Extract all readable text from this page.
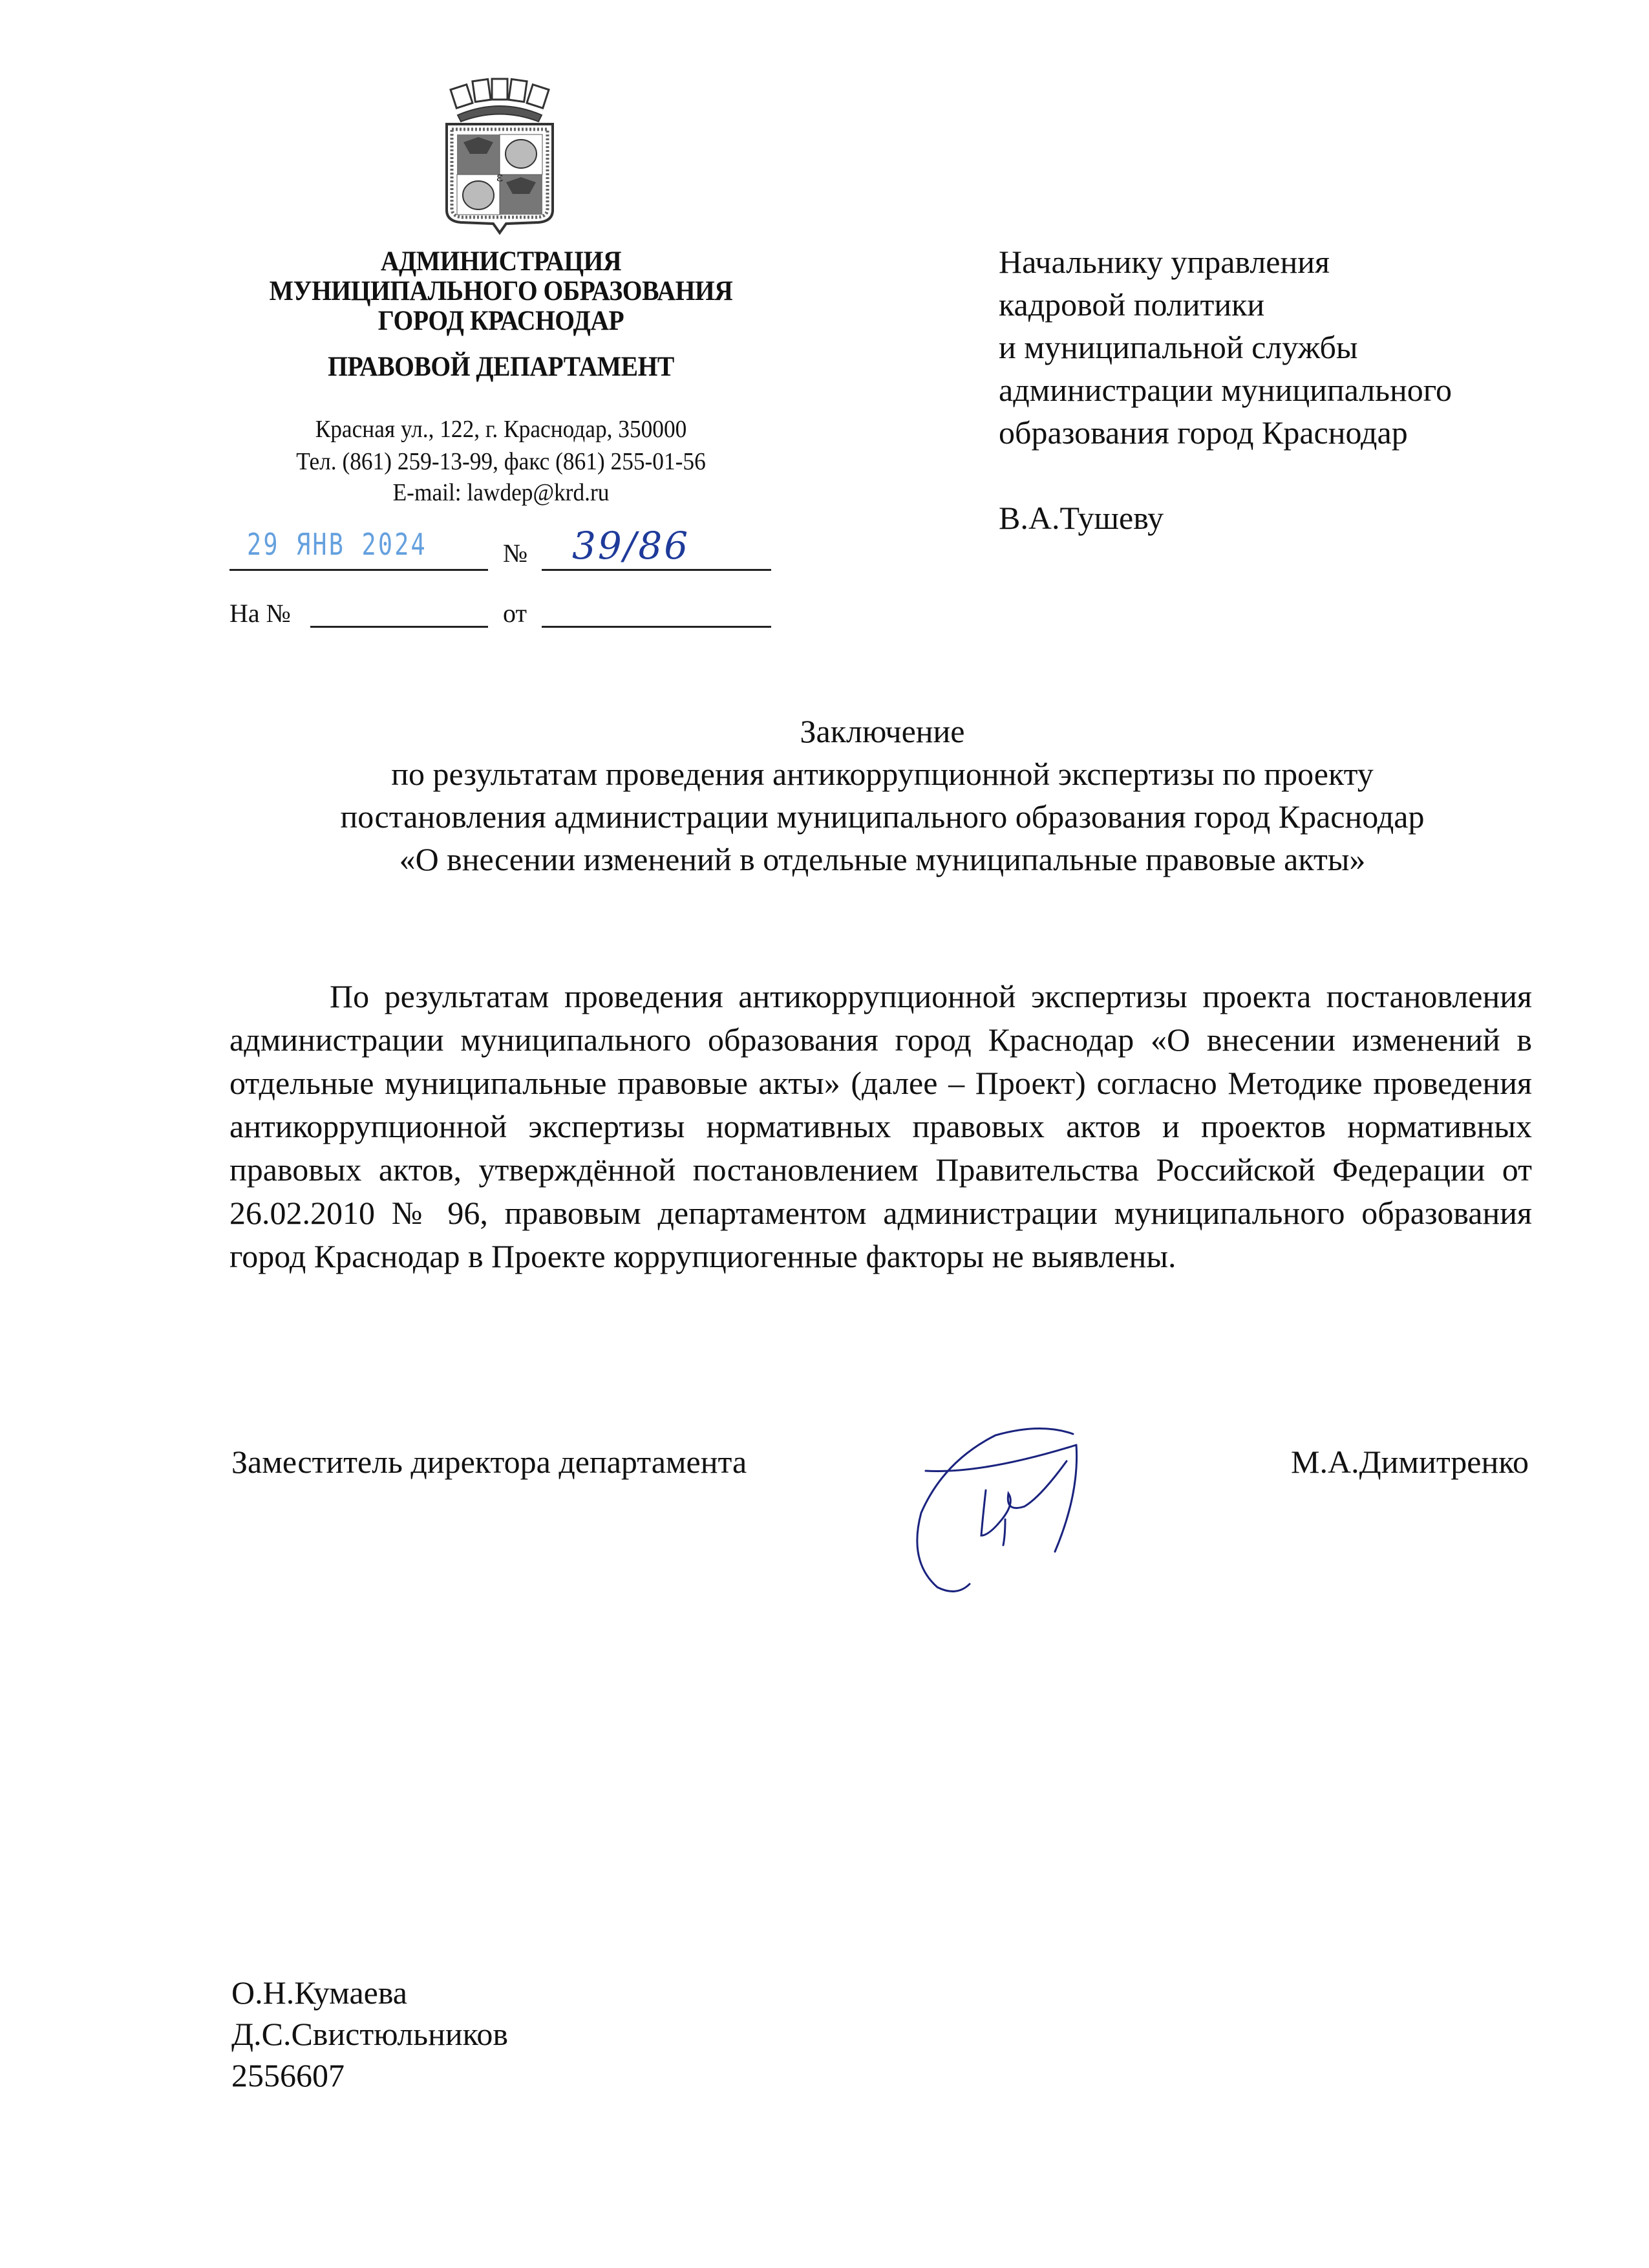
ε
АДМИНИСТРАЦИЯ
МУНИЦИПАЛЬНОГО ОБРАЗОВАНИЯ
ГОРОД КРАСНОДАР
ПРАВОВОЙ ДЕПАРТАМЕНТ
Красная ул., 122, г. Краснодар, 350000
Тел. (861) 259-13-99, факс (861) 255-01-56
E-mail: lawdep@krd.ru
29 ЯНВ 2024	№ 39/86
На №	от
Начальнику управления
кадровой политики
и муниципальной службы
администрации муниципального
образования город Краснодар
В.А.Тушеву
Заключение
по результатам проведения антикоррупционной экспертизы по проекту
постановления администрации муниципального образования город Краснодар
«О внесении изменений в отдельные муниципальные правовые акты»
По результатам проведения антикоррупционной экспертизы проекта постановления администрации муниципального образования город Краснодар «О внесении изменений в отдельные муниципальные правовые акты» (далее – Проект) согласно Методике проведения антикоррупционной экспертизы нормативных правовых актов и проектов нормативных правовых актов, утверждённой постановлением Правительства Российской Федерации от 26.02.2010 № 96, правовым департаментом администрации муниципального образования город Краснодар в Проекте коррупциогенные факторы не выявлены.
Заместитель директора департамента	М.А.Димитренко
О.Н.Кумаева
Д.С.Свистюльников
2556607
